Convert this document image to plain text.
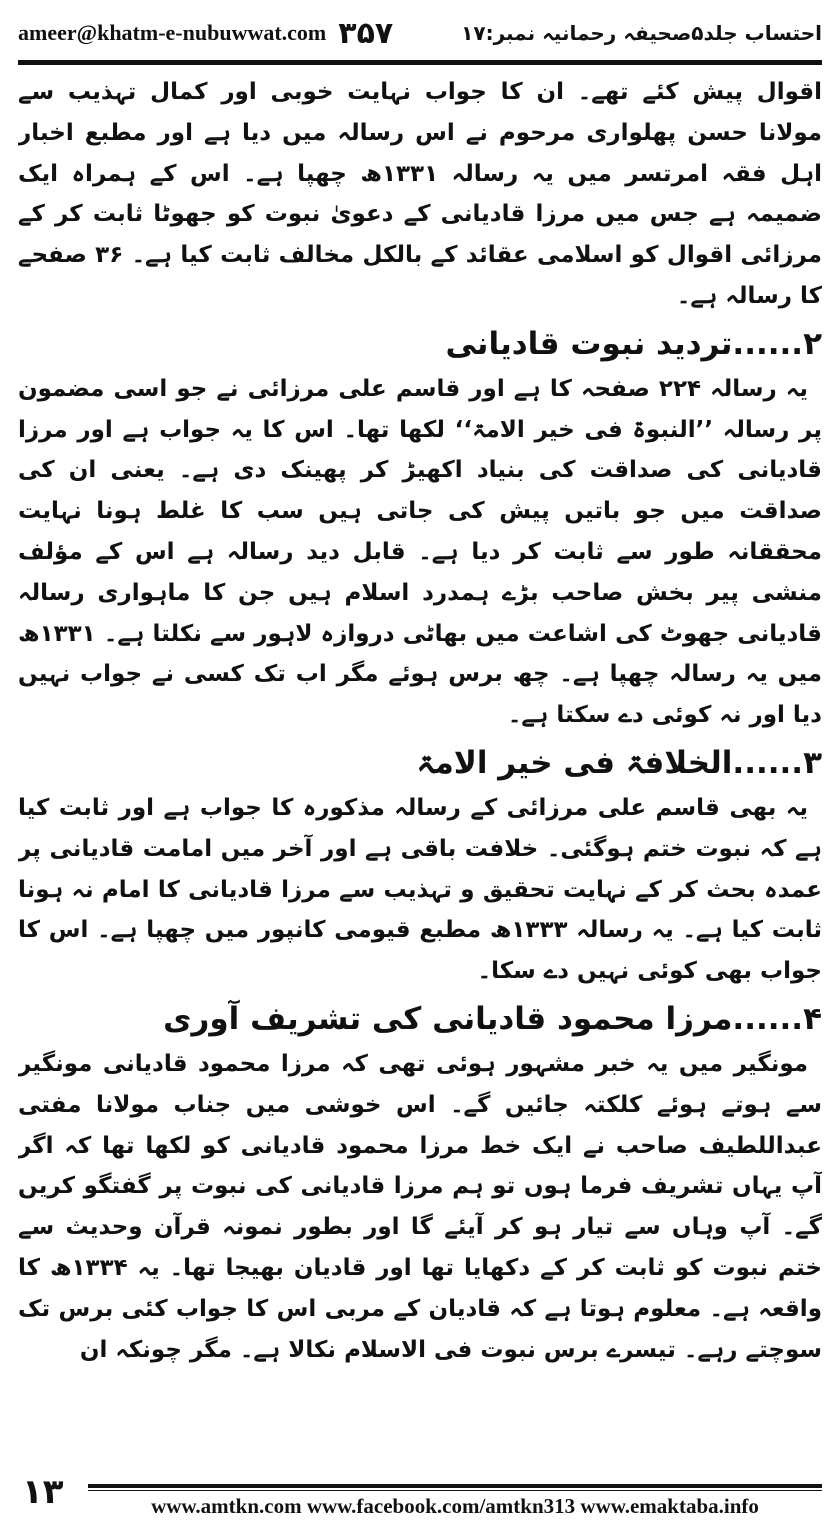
ameer@khatm-e-nubuwwat.com ۳۵۷	احتساب جلد۵صحیفہ رحمانیہ نمبر:۱۷

اقوال پیش کئے تھے۔ ان کا جواب نہایت خوبی اور کمال تہذیب سے مولانا حسن پھلواری مرحوم نے اس رسالہ میں دیا ہے اور مطبع اخبار اہل فقہ امرتسر میں یہ رسالہ ۱۳۳۱ھ چھپا ہے۔ اس کے ہمراہ ایک ضمیمہ ہے جس میں مرزا قادیانی کے دعویٰ نبوت کو جھوٹا ثابت کر کے مرزائی اقوال کو اسلامی عقائد کے بالکل مخالف ثابت کیا ہے۔ ۳۶ صفحے کا رسالہ ہے۔

۲......تردید نبوت قادیانی

یہ رسالہ ۲۲۴ صفحہ کا ہے اور قاسم علی مرزائی نے جو اسی مضمون پر رسالہ ’’النبوۃ فی خیر الامۃ‘‘ لکھا تھا۔ اس کا یہ جواب ہے اور مرزا قادیانی کی صداقت کی بنیاد اکھیڑ کر پھینک دی ہے۔ یعنی ان کی صداقت میں جو باتیں پیش کی جاتی ہیں سب کا غلط ہونا نہایت محققانہ طور سے ثابت کر دیا ہے۔ قابل دید رسالہ ہے اس کے مؤلف منشی پیر بخش صاحب بڑے ہمدرد اسلام ہیں جن کا ماہواری رسالہ قادیانی جھوٹ کی اشاعت میں بھاٹی دروازہ لاہور سے نکلتا ہے۔ ۱۳۳۱ھ میں یہ رسالہ چھپا ہے۔ چھ برس ہوئے مگر اب تک کسی نے جواب نہیں دیا اور نہ کوئی دے سکتا ہے۔

۳......الخلافۃ فی خیر الامۃ

یہ بھی قاسم علی مرزائی کے رسالہ مذکورہ کا جواب ہے اور ثابت کیا ہے کہ نبوت ختم ہوگئی۔ خلافت باقی ہے اور آخر میں امامت قادیانی پر عمدہ بحث کر کے نہایت تحقیق و تہذیب سے مرزا قادیانی کا امام نہ ہونا ثابت کیا ہے۔ یہ رسالہ ۱۳۳۳ھ مطبع قیومی کانپور میں چھپا ہے۔ اس کا جواب بھی کوئی نہیں دے سکا۔

۴......مرزا محمود قادیانی کی تشریف آوری

مونگیر میں یہ خبر مشہور ہوئی تھی کہ مرزا محمود قادیانی مونگیر سے ہوتے ہوئے کلکتہ جائیں گے۔ اس خوشی میں جناب مولانا مفتی عبداللطیف صاحب نے ایک خط مرزا محمود قادیانی کو لکھا تھا کہ اگر آپ یہاں تشریف فرما ہوں تو ہم مرزا قادیانی کی نبوت پر گفتگو کریں گے۔ آپ وہاں سے تیار ہو کر آیئے گا اور بطور نمونہ قرآن وحدیث سے ختم نبوت کو ثابت کر کے دکھایا تھا اور قادیان بھیجا تھا۔ یہ ۱۳۳۴ھ کا واقعہ ہے۔ معلوم ہوتا ہے کہ قادیان کے مربی اس کا جواب کئی برس تک سوچتے رہے۔ تیسرے برس نبوت فی الاسلام نکالا ہے۔ مگر چونکہ ان

۱۳	www.amtkn.com www.facebook.com/amtkn313 www.emaktaba.info
